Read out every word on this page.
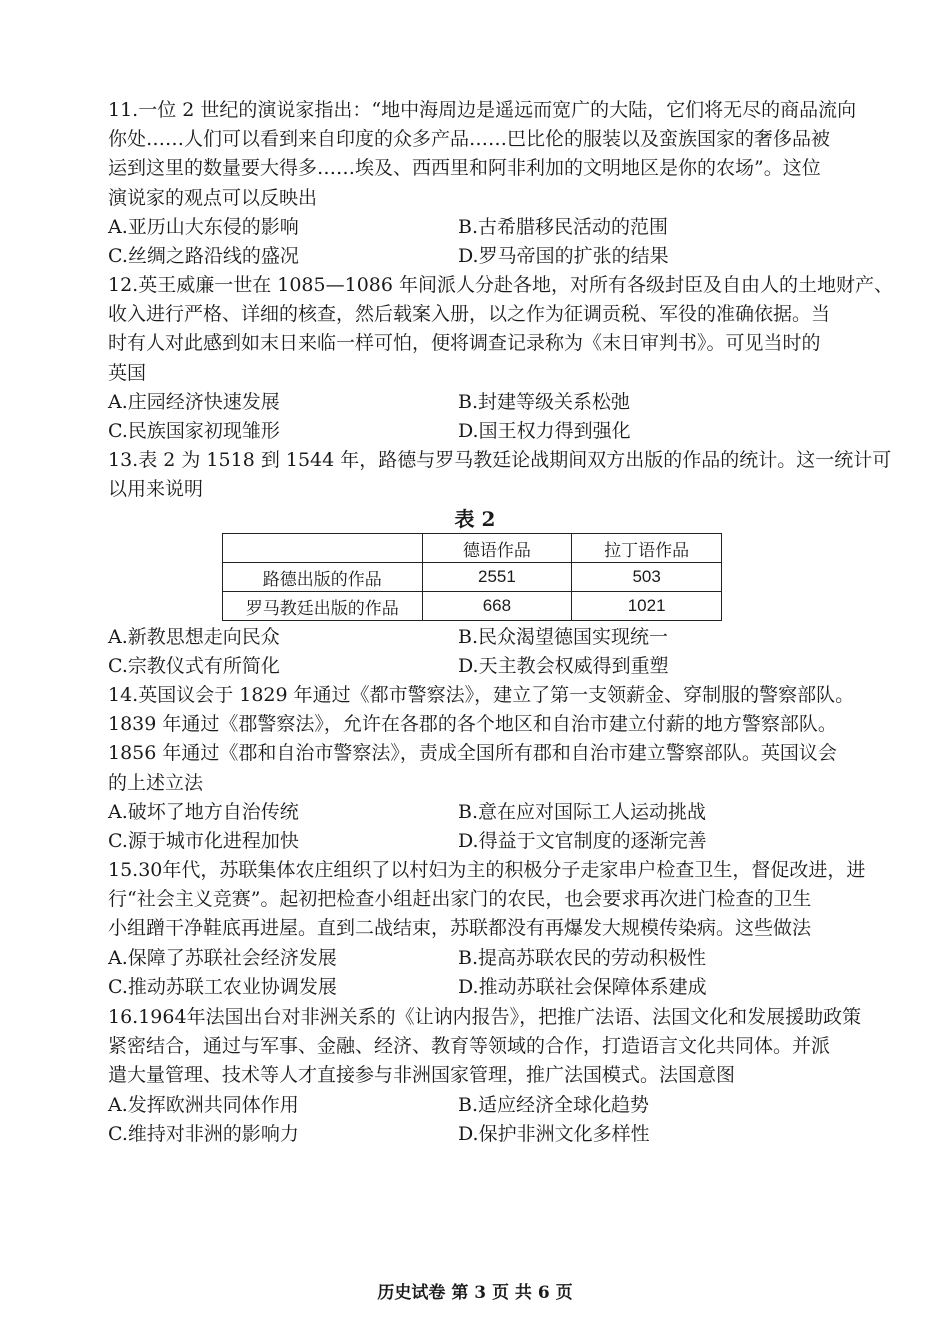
11.一位 2 世纪的演说家指出：“地中海周边是遥远而宽广的大陆，它们将无尽的商品流向
你处……人们可以看到来自印度的众多产品……巴比伦的服装以及蛮族国家的奢侈品被
运到这里的数量要大得多……埃及、西西里和阿非利加的文明地区是你的农场”。这位
演说家的观点可以反映出
A.亚历山大东侵的影响	B.古希腊移民活动的范围
C.丝绸之路沿线的盛况	D.罗马帝国的扩张的结果
12.英王威廉一世在 1085—1086 年间派人分赴各地，对所有各级封臣及自由人的土地财产、
收入进行严格、详细的核查，然后载案入册，以之作为征调贡税、军役的准确依据。当
时有人对此感到如末日来临一样可怕，便将调查记录称为《末日审判书》。可见当时的
英国
A.庄园经济快速发展	B.封建等级关系松弛
C.民族国家初现雏形	D.国王权力得到强化
13.表 2 为 1518 到 1544 年，路德与罗马教廷论战期间双方出版的作品的统计。这一统计可
以用来说明
表 2
	德语作品	拉丁语作品
路德出版的作品	2551	503
罗马教廷出版的作品	668	1021
A.新教思想走向民众	B.民众渴望德国实现统一
C.宗教仪式有所简化	D.天主教会权威得到重塑
14.英国议会于 1829 年通过《都市警察法》，建立了第一支领薪金、穿制服的警察部队。
1839 年通过《郡警察法》，允许在各郡的各个地区和自治市建立付薪的地方警察部队。
1856 年通过《郡和自治市警察法》，责成全国所有郡和自治市建立警察部队。英国议会
的上述立法
A.破坏了地方自治传统	B.意在应对国际工人运动挑战
C.源于城市化进程加快	D.得益于文官制度的逐渐完善
15.30年代，苏联集体农庄组织了以村妇为主的积极分子走家串户检查卫生，督促改进，进
行“社会主义竞赛”。起初把检查小组赶出家门的农民，也会要求再次进门检查的卫生
小组蹭干净鞋底再进屋。直到二战结束，苏联都没有再爆发大规模传染病。这些做法
A.保障了苏联社会经济发展	B.提高苏联农民的劳动积极性
C.推动苏联工农业协调发展	D.推动苏联社会保障体系建成
16.1964年法国出台对非洲关系的《让讷内报告》，把推广法语、法国文化和发展援助政策
紧密结合，通过与军事、金融、经济、教育等领域的合作，打造语言文化共同体。并派
遣大量管理、技术等人才直接参与非洲国家管理，推广法国模式。法国意图
A.发挥欧洲共同体作用	B.适应经济全球化趋势
C.维持对非洲的影响力	D.保护非洲文化多样性
历史试卷 第 3 页 共 6 页
